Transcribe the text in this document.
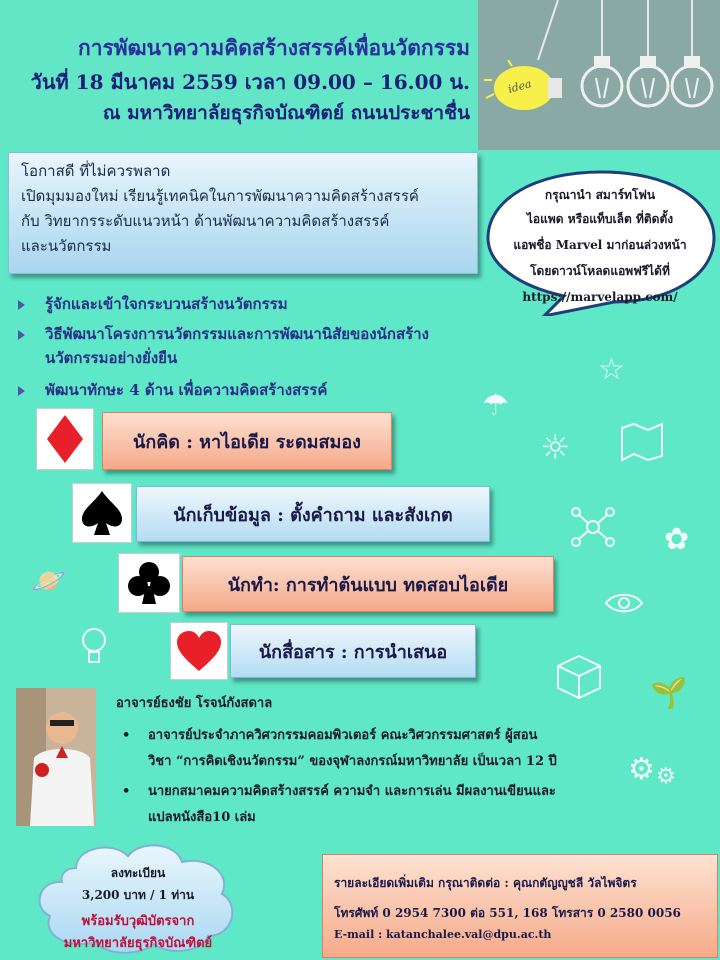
idea
การพัฒนาความคิดสร้างสรรค์เพื่อนวัตกรรม
วันที่ 18 มีนาคม 2559 เวลา 09.00 – 16.00 น.
ณ มหาวิทยาลัยธุรกิจบัณฑิตย์ ถนนประชาชื่น
โอกาสดี ที่ไม่ควรพลาด
เปิดมุมมองใหม่ เรียนรู้เทคนิคในการพัฒนาความคิดสร้างสรรค์
กับ วิทยากรระดับแนวหน้า ด้านพัฒนาความคิดสร้างสรรค์
และนวัตกรรม
กรุณานำ สมาร์ทโฟน
ไอแพด หรือแท็บเล็ต ที่ติดตั้ง
แอพชื่อ Marvel มาก่อนล่วงหน้า
โดยดาวน์โหลดแอพฟรีได้ที่
https://marvelapp.com/
รู้จักและเข้าใจกระบวนสร้างนวัตกรรม
วิธีพัฒนาโครงการนวัตกรรมและการพัฒนานิสัยของนักสร้างนวัตกรรมอย่างยั่งยืน
พัฒนาทักษะ 4 ด้าน เพื่อความคิดสร้างสรรค์
นักคิด : หาไอเดีย ระดมสมอง
นักเก็บข้อมูล : ตั้งคำถาม และสังเกต
นักทำ: การทำต้นแบบ ทดสอบไอเดีย
นักสื่อสาร : การนำเสนอ
☆
☂
☼
✿
🪐
🌱
⚙ ⚙
อาจารย์ธงชัย โรจน์กังสดาล
• อาจารย์ประจำภาควิศวกรรมคอมพิวเตอร์ คณะวิศวกรรมศาสตร์ ผู้สอน
วิชา “การคิดเชิงนวัตกรรม” ของจุฬาลงกรณ์มหาวิทยาลัย เป็นเวลา 12 ปี
• นายกสมาคมความคิดสร้างสรรค์ ความจำ และการเล่น มีผลงานเขียนและ
แปลหนังสือ10 เล่ม
ลงทะเบียน
3,200 บาท / 1 ท่าน
พร้อมรับวุฒิบัตรจาก
มหาวิทยาลัยธุรกิจบัณฑิตย์
รายละเอียดเพิ่มเติม กรุณาติดต่อ : คุณกตัญญูชลี วัลไพจิตร
โทรศัพท์ 0 2954 7300 ต่อ 551, 168 โทรสาร 0 2580 0056
E-mail : katanchalee.val@dpu.ac.th
